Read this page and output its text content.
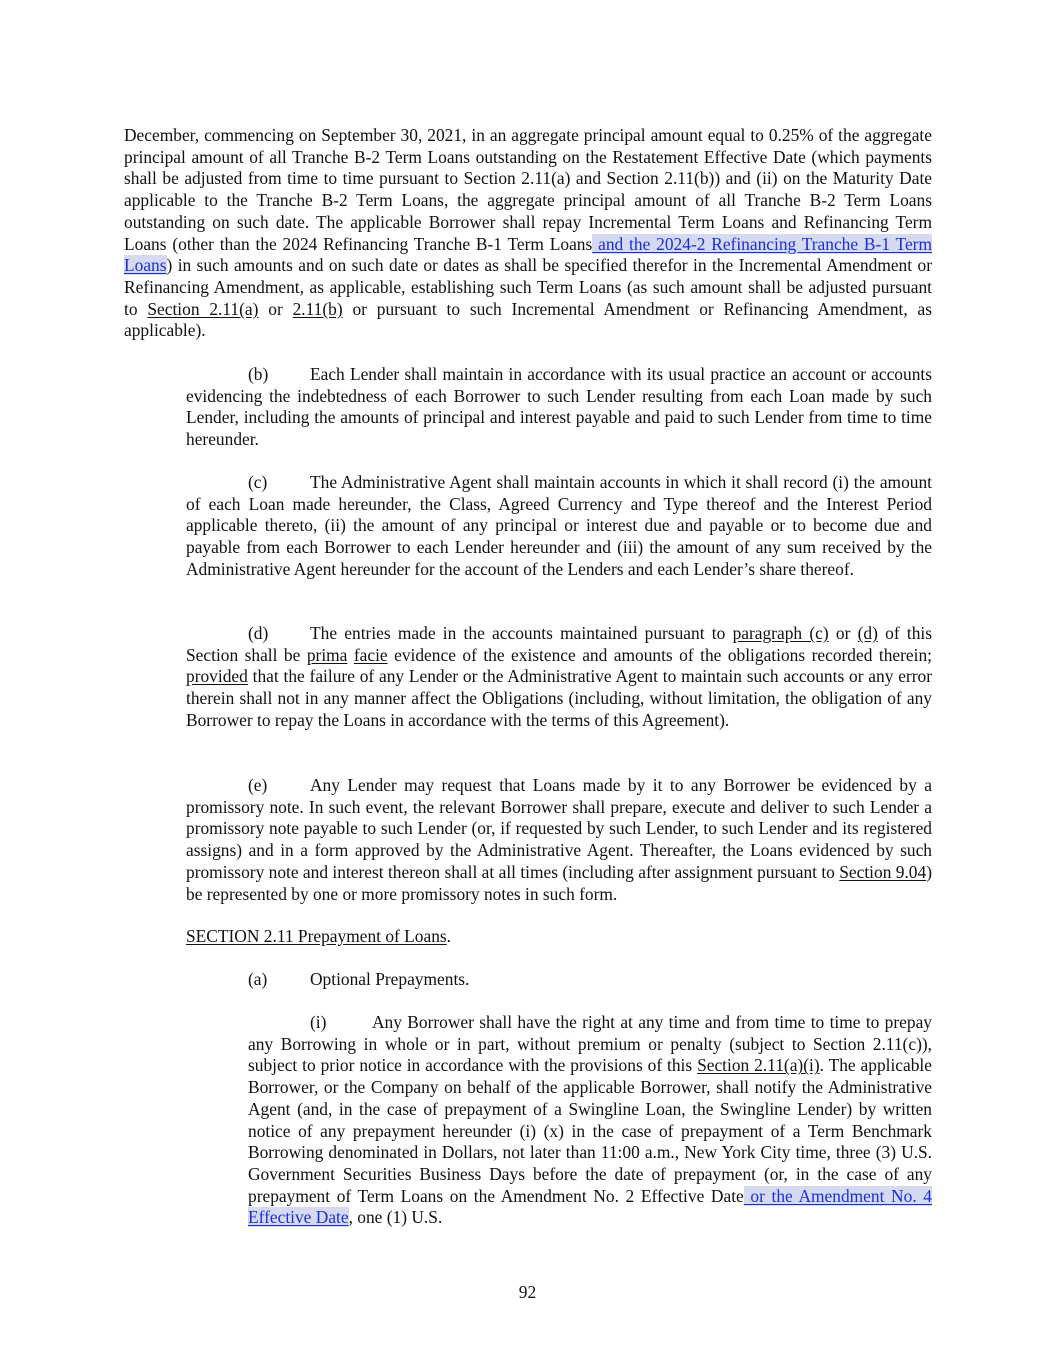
December, commencing on September 30, 2021, in an aggregate principal amount equal to 0.25% of the aggregate principal amount of all Tranche B-2 Term Loans outstanding on the Restatement Effective Date (which payments shall be adjusted from time to time pursuant to Section 2.11(a) and Section 2.11(b)) and (ii) on the Maturity Date applicable to the Tranche B-2 Term Loans, the aggregate principal amount of all Tranche B-2 Term Loans outstanding on such date. The applicable Borrower shall repay Incremental Term Loans and Refinancing Term Loans (other than the 2024 Refinancing Tranche B-1 Term Loans and the 2024-2 Refinancing Tranche B-1 Term Loans) in such amounts and on such date or dates as shall be specified therefor in the Incremental Amendment or Refinancing Amendment, as applicable, establishing such Term Loans (as such amount shall be adjusted pursuant to Section 2.11(a) or 2.11(b) or pursuant to such Incremental Amendment or Refinancing Amendment, as applicable).

(b) Each Lender shall maintain in accordance with its usual practice an account or accounts evidencing the indebtedness of each Borrower to such Lender resulting from each Loan made by such Lender, including the amounts of principal and interest payable and paid to such Lender from time to time hereunder.

(c) The Administrative Agent shall maintain accounts in which it shall record (i) the amount of each Loan made hereunder, the Class, Agreed Currency and Type thereof and the Interest Period applicable thereto, (ii) the amount of any principal or interest due and payable or to become due and payable from each Borrower to each Lender hereunder and (iii) the amount of any sum received by the Administrative Agent hereunder for the account of the Lenders and each Lender’s share thereof.

(d) The entries made in the accounts maintained pursuant to paragraph (c) or (d) of this Section shall be prima facie evidence of the existence and amounts of the obligations recorded therein; provided that the failure of any Lender or the Administrative Agent to maintain such accounts or any error therein shall not in any manner affect the Obligations (including, without limitation, the obligation of any Borrower to repay the Loans in accordance with the terms of this Agreement).

(e) Any Lender may request that Loans made by it to any Borrower be evidenced by a promissory note. In such event, the relevant Borrower shall prepare, execute and deliver to such Lender a promissory note payable to such Lender (or, if requested by such Lender, to such Lender and its registered assigns) and in a form approved by the Administrative Agent. Thereafter, the Loans evidenced by such promissory note and interest thereon shall at all times (including after assignment pursuant to Section 9.04) be represented by one or more promissory notes in such form.

SECTION 2.11 Prepayment of Loans.

(a) Optional Prepayments.

(i)	Any Borrower shall have the right at any time and from time to time to prepay any Borrowing in whole or in part, without premium or penalty (subject to Section 2.11(c)), subject to prior notice in accordance with the provisions of this Section 2.11(a)(i). The applicable Borrower, or the Company on behalf of the applicable Borrower, shall notify the Administrative Agent (and, in the case of prepayment of a Swingline Loan, the Swingline Lender) by written notice of any prepayment hereunder (i) (x) in the case of prepayment of a Term Benchmark Borrowing denominated in Dollars, not later than 11:00 a.m., New York City time, three (3) U.S. Government Securities Business Days before the date of prepayment (or, in the case of any prepayment of Term Loans on the Amendment No. 2 Effective Date or the Amendment No. 4 Effective Date, one (1) U.S.

92
